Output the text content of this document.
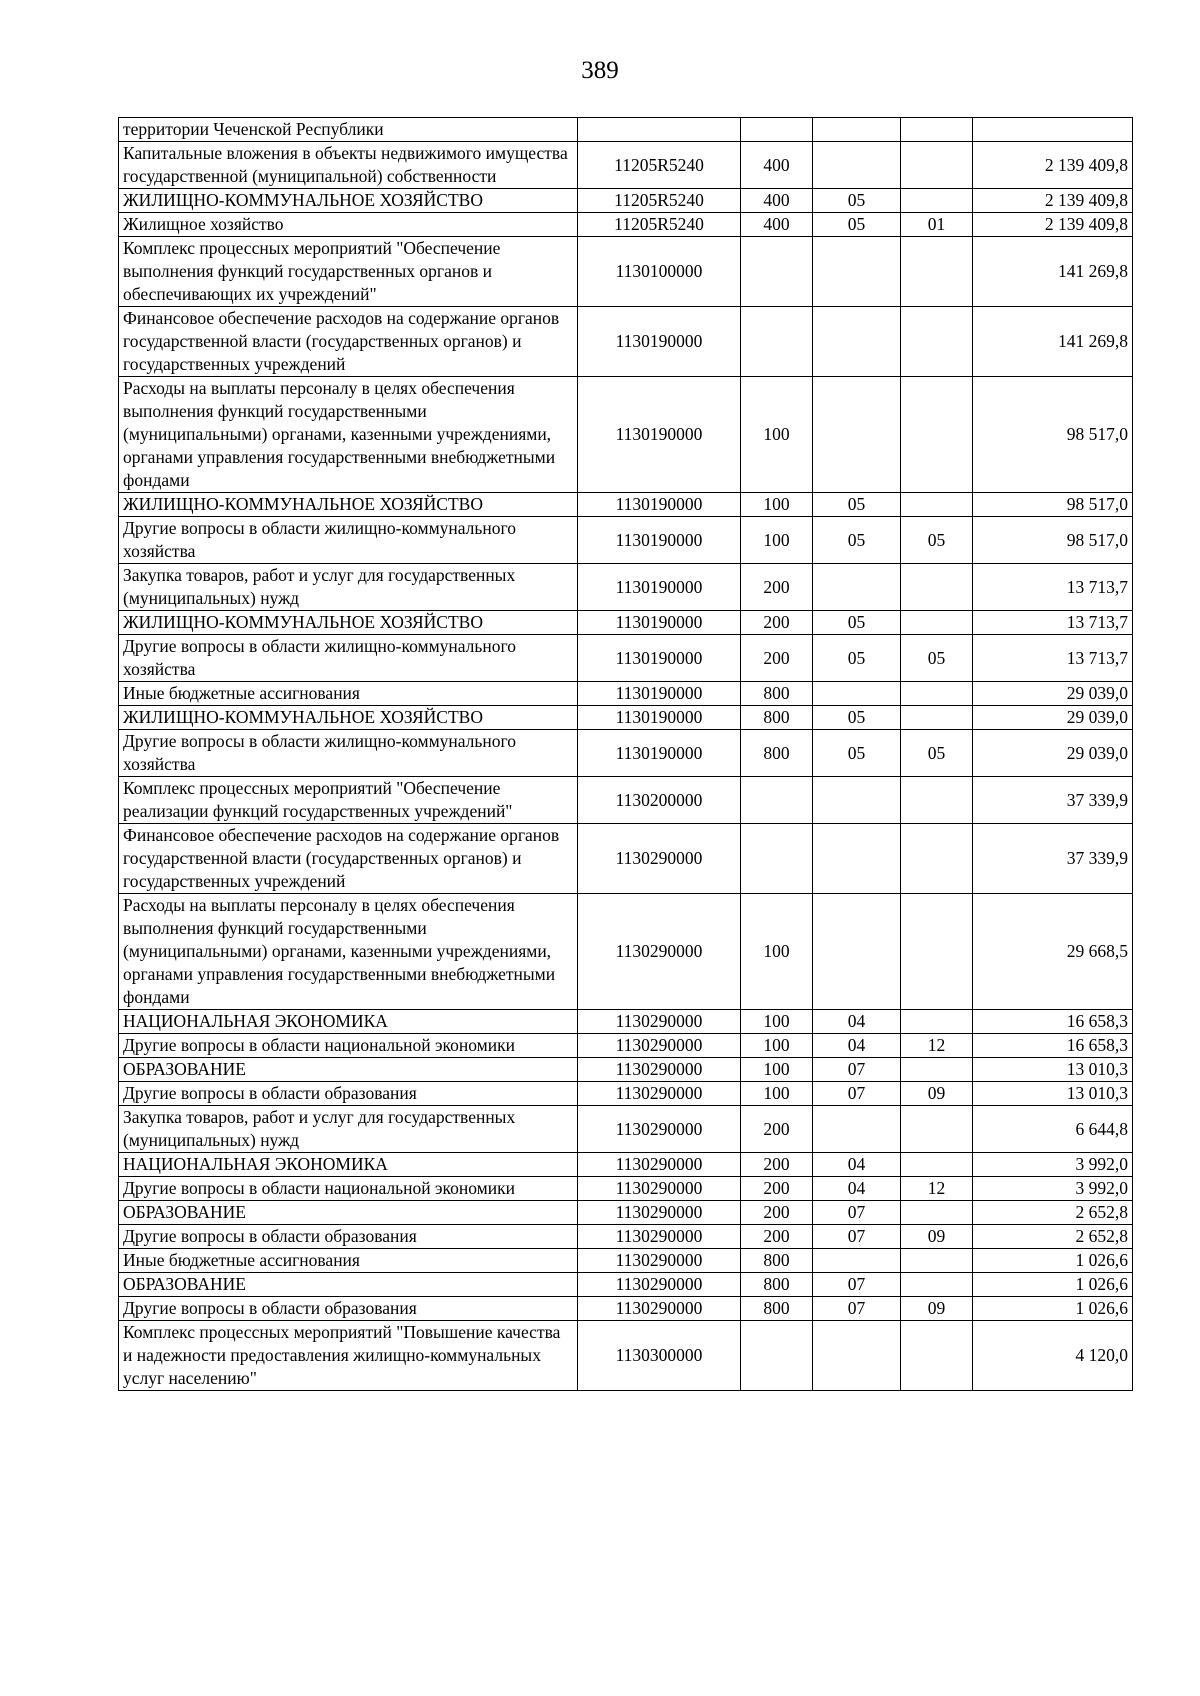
389
территории Чеченской Республики					
Капитальные вложения в объекты недвижимого имущества государственной (муниципальной) собственности	11205R5240	400			2 139 409,8
ЖИЛИЩНО-КОММУНАЛЬНОЕ ХОЗЯЙСТВО	11205R5240	400	05		2 139 409,8
Жилищное хозяйство	11205R5240	400	05	01	2 139 409,8
Комплекс процессных мероприятий "Обеспечение выполнения функций государственных органов и обеспечивающих их учреждений"	1130100000				141 269,8
Финансовое обеспечение расходов на содержание органов государственной власти (государственных органов) и государственных учреждений	1130190000				141 269,8
Расходы на выплаты персоналу в целях обеспечения выполнения функций государственными (муниципальными) органами, казенными учреждениями, органами управления государственными внебюджетными фондами	1130190000	100			98 517,0
ЖИЛИЩНО-КОММУНАЛЬНОЕ ХОЗЯЙСТВО	1130190000	100	05		98 517,0
Другие вопросы в области жилищно-коммунального хозяйства	1130190000	100	05	05	98 517,0
Закупка товаров, работ и услуг для государственных (муниципальных) нужд	1130190000	200			13 713,7
ЖИЛИЩНО-КОММУНАЛЬНОЕ ХОЗЯЙСТВО	1130190000	200	05		13 713,7
Другие вопросы в области жилищно-коммунального хозяйства	1130190000	200	05	05	13 713,7
Иные бюджетные ассигнования	1130190000	800			29 039,0
ЖИЛИЩНО-КОММУНАЛЬНОЕ ХОЗЯЙСТВО	1130190000	800	05		29 039,0
Другие вопросы в области жилищно-коммунального хозяйства	1130190000	800	05	05	29 039,0
Комплекс процессных мероприятий "Обеспечение реализации функций государственных учреждений"	1130200000				37 339,9
Финансовое обеспечение расходов на содержание органов государственной власти (государственных органов) и государственных учреждений	1130290000				37 339,9
Расходы на выплаты персоналу в целях обеспечения выполнения функций государственными (муниципальными) органами, казенными учреждениями, органами управления государственными внебюджетными фондами	1130290000	100			29 668,5
НАЦИОНАЛЬНАЯ ЭКОНОМИКА	1130290000	100	04		16 658,3
Другие вопросы в области национальной экономики	1130290000	100	04	12	16 658,3
ОБРАЗОВАНИЕ	1130290000	100	07		13 010,3
Другие вопросы в области образования	1130290000	100	07	09	13 010,3
Закупка товаров, работ и услуг для государственных (муниципальных) нужд	1130290000	200			6 644,8
НАЦИОНАЛЬНАЯ ЭКОНОМИКА	1130290000	200	04		3 992,0
Другие вопросы в области национальной экономики	1130290000	200	04	12	3 992,0
ОБРАЗОВАНИЕ	1130290000	200	07		2 652,8
Другие вопросы в области образования	1130290000	200	07	09	2 652,8
Иные бюджетные ассигнования	1130290000	800			1 026,6
ОБРАЗОВАНИЕ	1130290000	800	07		1 026,6
Другие вопросы в области образования	1130290000	800	07	09	1 026,6
Комплекс процессных мероприятий "Повышение качества и надежности предоставления жилищно-коммунальных услуг населению"	1130300000				4 120,0
